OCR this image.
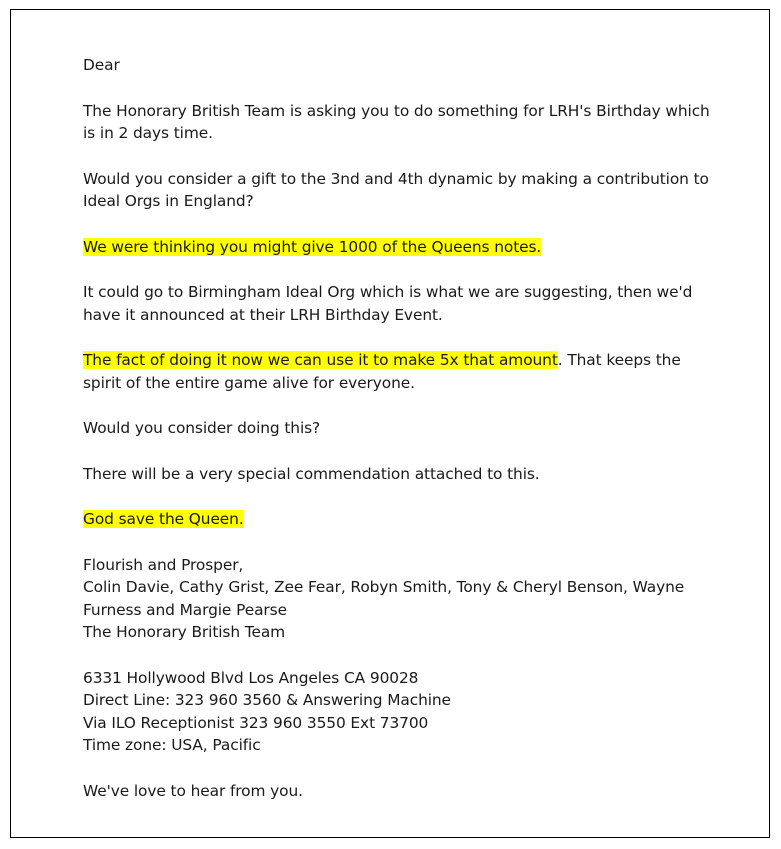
Dear

The Honorary British Team is asking you to do something for LRH's Birthday which
is in 2 days time.

Would you consider a gift to the 3nd and 4th dynamic by making a contribution to
Ideal Orgs in England?

We were thinking you might give 1000 of the Queens notes.

It could go to Birmingham Ideal Org which is what we are suggesting, then we'd
have it announced at their LRH Birthday Event.

The fact of doing it now we can use it to make 5x that amount. That keeps the
spirit of the entire game alive for everyone.

Would you consider doing this?

There will be a very special commendation attached to this.

God save the Queen.

Flourish and Prosper,
Colin Davie, Cathy Grist, Zee Fear, Robyn Smith, Tony & Cheryl Benson, Wayne
Furness and Margie Pearse
The Honorary British Team

6331 Hollywood Blvd Los Angeles CA 90028
Direct Line: 323 960 3560 & Answering Machine
Via ILO Receptionist 323 960 3550 Ext 73700
Time zone: USA, Pacific

We've love to hear from you.
